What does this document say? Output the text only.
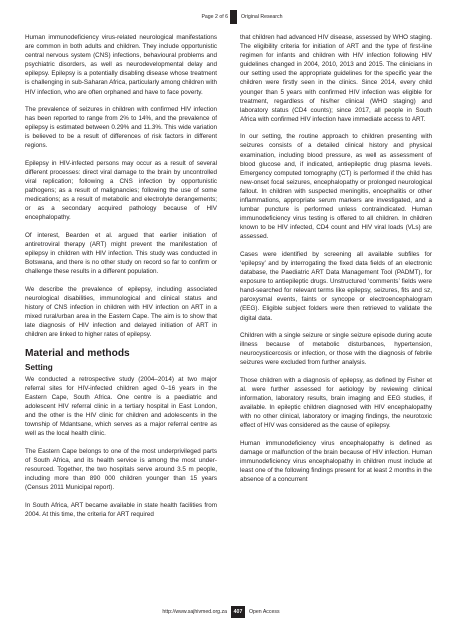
Page 2 of 6	Original Research

Human immunodeficiency virus-related neurological manifestations are common in both adults and children. They include opportunistic central nervous system (CNS) infections, behavioural problems and psychiatric disorders, as well as neurodevelopmental delay and epilepsy. Epilepsy is a potentially disabling disease whose treatment is challenging in sub-Saharan Africa, particularly among children with HIV infection, who are often orphaned and have to face poverty.

The prevalence of seizures in children with confirmed HIV infection has been reported to range from 2% to 14%, and the prevalence of epilepsy is estimated between 0.29% and 11.3%. This wide variation is believed to be a result of differences of risk factors in different regions.

Epilepsy in HIV-infected persons may occur as a result of several different processes: direct viral damage to the brain by uncontrolled viral replication; following a CNS infection by opportunistic pathogens; as a result of malignancies; following the use of some medications; as a result of metabolic and electrolyte derangements; or as a secondary acquired pathology because of HIV encephalopathy.

Of interest, Bearden et al. argued that earlier initiation of antiretroviral therapy (ART) might prevent the manifestation of epilepsy in children with HIV infection. This study was conducted in Botswana, and there is no other study on record so far to confirm or challenge these results in a different population.

We describe the prevalence of epilepsy, including associated neurological disabilities, immunological and clinical status and history of CNS infection in children with HIV infection on ART in a mixed rural/urban area in the Eastern Cape. The aim is to show that late diagnosis of HIV infection and delayed initiation of ART in children are linked to higher rates of epilepsy.

Material and methods
Setting

We conducted a retrospective study (2004–2014) at two major referral sites for HIV-infected children aged 0–16 years in the Eastern Cape, South Africa. One centre is a paediatric and adolescent HIV referral clinic in a tertiary hospital in East London, and the other is the HIV clinic for children and adolescents in the township of Mdantsane, which serves as a major referral centre as well as the local health clinic.

The Eastern Cape belongs to one of the most underprivileged parts of South Africa, and its health service is among the most under-resourced. Together, the two hospitals serve around 3.5 m people, including more than 890 000 children younger than 15 years (Census 2011 Municipal report).

In South Africa, ART became available in state health facilities from 2004. At this time, the criteria for ART required

that children had advanced HIV disease, assessed by WHO staging. The eligibility criteria for initiation of ART and the type of first-line regimen for infants and children with HIV infection following HIV guidelines changed in 2004, 2010, 2013 and 2015. The clinicians in our setting used the appropriate guidelines for the specific year the children were firstly seen in the clinics. Since 2014, every child younger than 5 years with confirmed HIV infection was eligible for treatment, regardless of his/her clinical (WHO staging) and laboratory status (CD4 counts); since 2017, all people in South Africa with confirmed HIV infection have immediate access to ART.

In our setting, the routine approach to children presenting with seizures consists of a detailed clinical history and physical examination, including blood pressure, as well as assessment of blood glucose and, if indicated, antiepileptic drug plasma levels. Emergency computed tomography (CT) is performed if the child has new-onset focal seizures, encephalopathy or prolonged neurological fallout. In children with suspected meningitis, encephalitis or other inflammations, appropriate serum markers are investigated, and a lumbar puncture is performed unless contraindicated. Human immunodeficiency virus testing is offered to all children. In children known to be HIV infected, CD4 count and HIV viral loads (VLs) are assessed.

Cases were identified by screening all available subfiles for ‘epilepsy’ and by interrogating the fixed data fields of an electronic database, the Paediatric ART Data Management Tool (PADMT), for exposure to antiepileptic drugs. Unstructured ‘comments’ fields were hand-searched for relevant terms like epilepsy, seizures, fits and sz, paroxysmal events, faints or syncope or electroencephalogram (EEG). Eligible subject folders were then retrieved to validate the digital data.

Children with a single seizure or single seizure episode during acute illness because of metabolic disturbances, hypertension, neurocysticercosis or infection, or those with the diagnosis of febrile seizures were excluded from further analysis.

Those children with a diagnosis of epilepsy, as defined by Fisher et al. were further assessed for aetiology by reviewing clinical information, laboratory results, brain imaging and EEG studies, if available. In epileptic children diagnosed with HIV encephalopathy with no other clinical, laboratory or imaging findings, the neurotoxic effect of HIV was considered as the cause of epilepsy.

Human immunodeficiency virus encephalopathy is defined as damage or malfunction of the brain because of HIV infection. Human immunodeficiency virus encephalopathy in children must include at least one of the following findings present for at least 2 months in the absence of a concurrent

http://www.sajhivmed.org.za	407	Open Access
